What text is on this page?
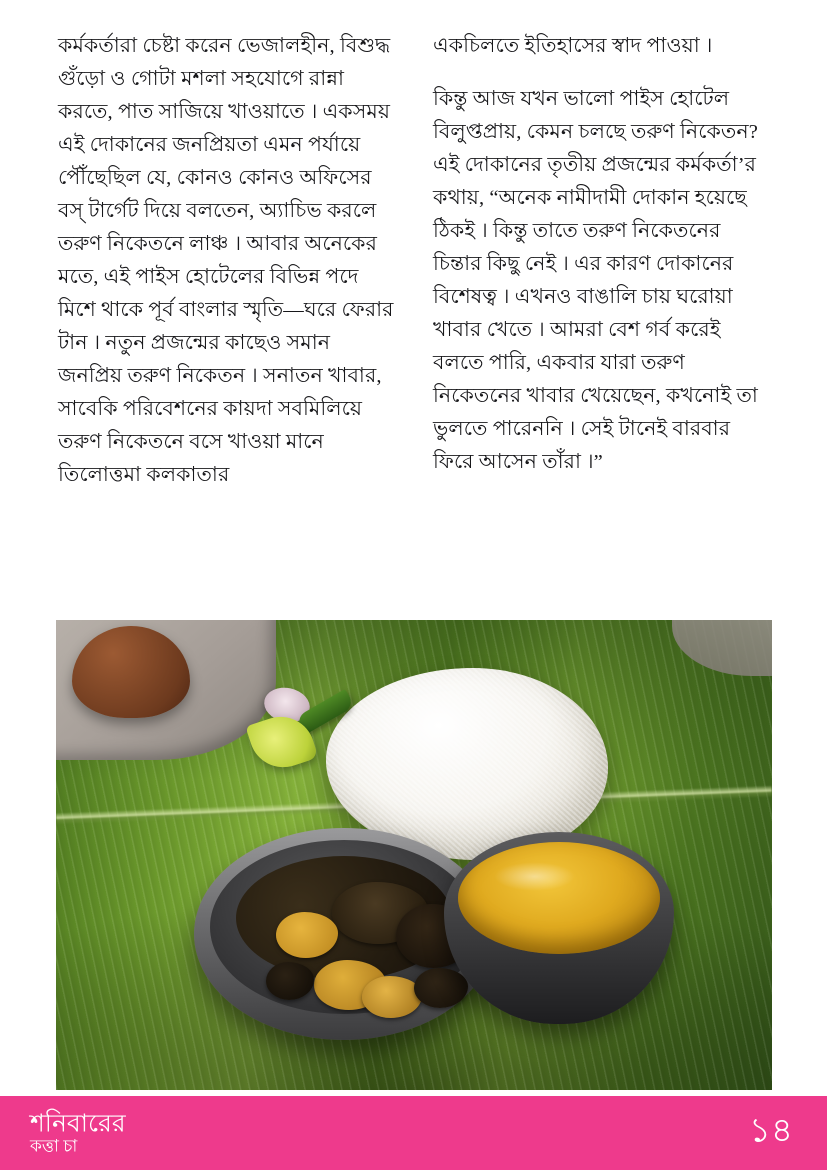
কর্মকর্তারা চেষ্টা করেন ভেজালহীন, বিশুদ্ধ গুঁড়ো ও গোটা মশলা সহযোগে রান্না করতে, পাত সাজিয়ে খাওয়াতে । একসময় এই দোকানের জনপ্রিয়তা এমন পর্যায়ে পৌঁছেছিল যে, কোনও কোনও অফিসের বস্ টার্গেট দিয়ে বলতেন, অ্যাচিভ করলে তরুণ নিকেতনে লাঞ্চ । আবার অনেকের মতে, এই পাইস হোটেলের বিভিন্ন পদে মিশে থাকে পূর্ব বাংলার স্মৃতি—ঘরে ফেরার টান । নতুন প্রজন্মের কাছেও সমান জনপ্রিয় তরুণ নিকেতন । সনাতন খাবার, সাবেকি পরিবেশনের কায়দা সবমিলিয়ে তরুণ নিকেতনে বসে খাওয়া মানে তিলোত্তমা কলকাতার

একচিলতে ইতিহাসের স্বাদ পাওয়া ।

কিন্তু আজ যখন ভালো পাইস হোটেল বিলুপ্তপ্রায়, কেমন চলছে তরুণ নিকেতন? এই দোকানের তৃতীয় প্রজন্মের কর্মকর্তা’র কথায়, “অনেক নামীদামী দোকান হয়েছে ঠিকই । কিন্তু তাতে তরুণ নিকেতনের চিন্তার কিছু নেই । এর কারণ দোকানের বিশেষত্ব । এখনও বাঙালি চায় ঘরোয়া খাবার খেতে । আমরা বেশ গর্ব করেই বলতে পারি, একবার যারা তরুণ নিকেতনের খাবার খেয়েছেন, কখনোই তা ভুলতে পারেননি । সেই টানেই বারবার ফিরে আসেন তাঁরা ।”

শনিবারের
কত্তা চা	১৪
